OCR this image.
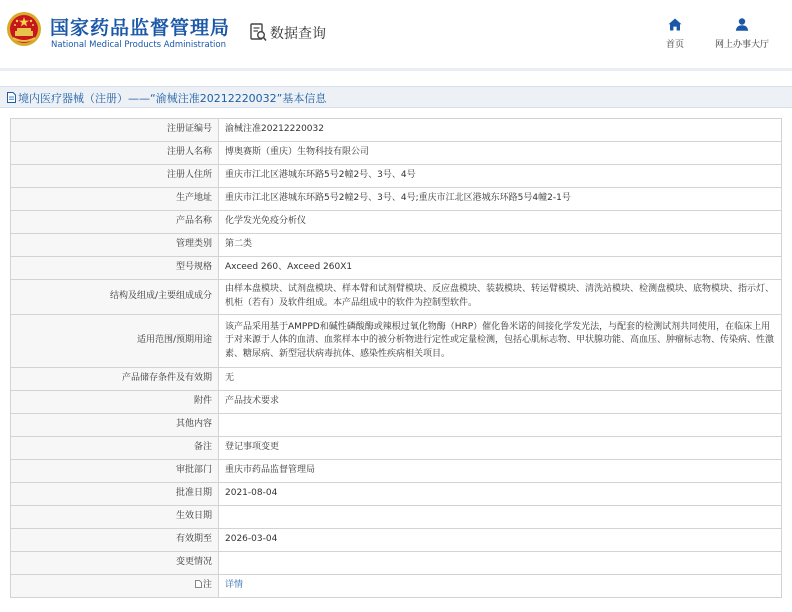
国家药品监督管理局
National Medical Products Administration
数据查询
首页	网上办事大厅
境内医疗器械（注册）——“渝械注准20212220032”基本信息
注册证编号	渝械注准20212220032
注册人名称	博奥赛斯（重庆）生物科技有限公司
注册人住所	重庆市江北区港城东环路5号2幢2号、3号、4号
生产地址	重庆市江北区港城东环路5号2幢2号、3号、4号;重庆市江北区港城东环路5号4幢2-1号
产品名称	化学发光免疫分析仪
管理类别	第二类
型号规格	Axceed 260、Axceed 260X1
结构及组成/主要组成成分	由样本盘模块、试剂盘模块、样本臂和试剂臂模块、反应盘模块、装载模块、转运臂模块、清洗站模块、检测盘模块、底物模块、指示灯、机柜（若有）及软件组成。本产品组成中的软件为控制型软件。
适用范围/预期用途	该产品采用基于AMPPD和碱性磷酸酶或辣根过氧化物酶（HRP）催化鲁米诺的间接化学发光法，与配套的检测试剂共同使用，在临床上用于对来源于人体的血清、血浆样本中的被分析物进行定性或定量检测，包括心肌标志物、甲状腺功能、高血压、肿瘤标志物、传染病、性激素、糖尿病、新型冠状病毒抗体、感染性疾病相关项目。
产品储存条件及有效期	无
附件	产品技术要求
其他内容	
备注	登记事项变更
审批部门	重庆市药品监督管理局
批准日期	2021-08-04
生效日期	
有效期至	2026-03-04
变更情况	
注	详情
